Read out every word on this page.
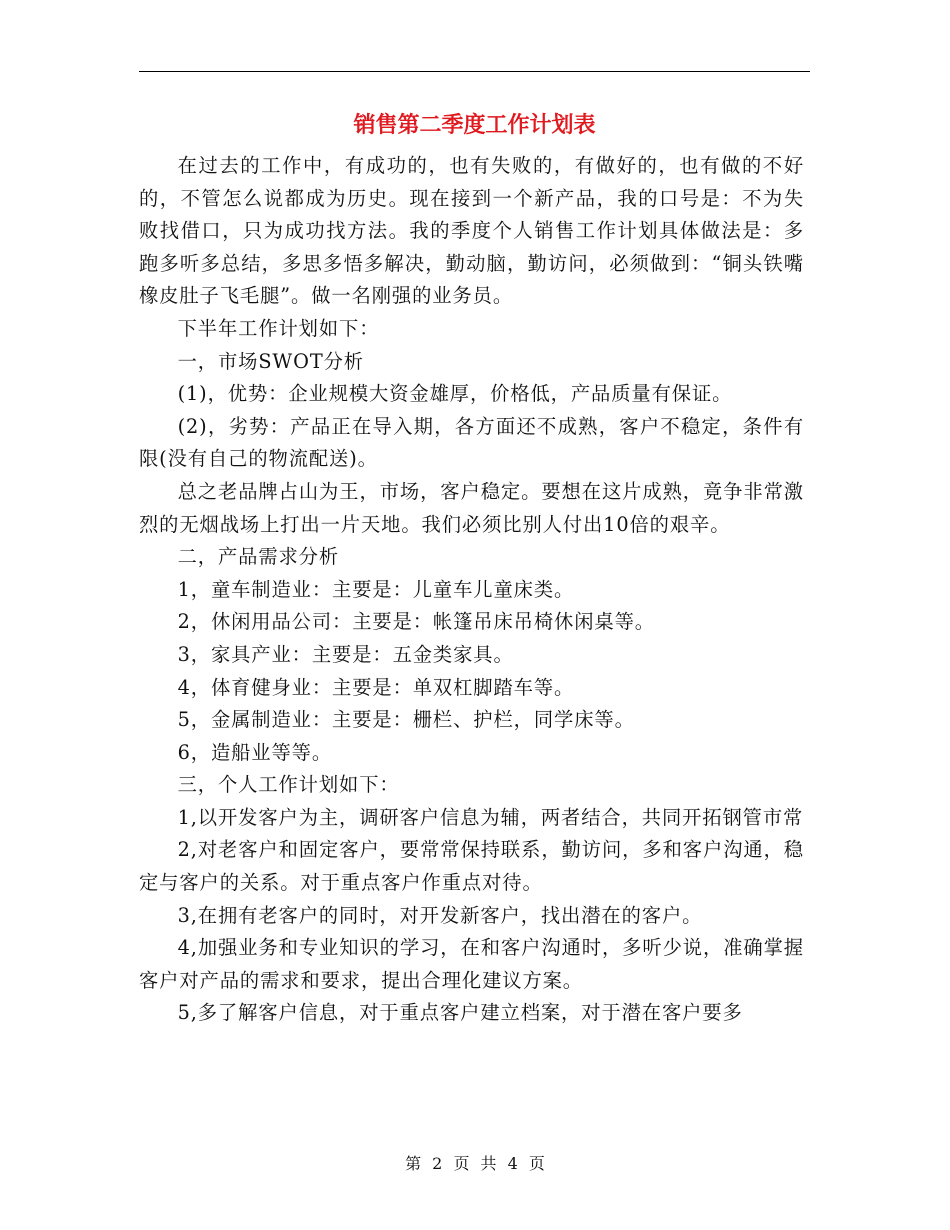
销售第二季度工作计划表

在过去的工作中，有成功的，也有失败的，有做好的，也有做的不好的，不管怎么说都成为历史。现在接到一个新产品，我的口号是：不为失败找借口，只为成功找方法。我的季度个人销售工作计划具体做法是：多跑多听多总结，多思多悟多解决，勤动脑，勤访问，必须做到：“铜头铁嘴橡皮肚子飞毛腿”。做一名刚强的业务员。

下半年工作计划如下：

一，市场SWOT分析

(1)，优势：企业规模大资金雄厚，价格低，产品质量有保证。

(2)，劣势：产品正在导入期，各方面还不成熟，客户不稳定，条件有限(没有自己的物流配送)。

总之老品牌占山为王，市场，客户稳定。要想在这片成熟，竟争非常激烈的无烟战场上打出一片天地。我们必须比别人付出10倍的艰辛。

二，产品需求分析

1，童车制造业：主要是：儿童车儿童床类。

2，休闲用品公司：主要是：帐篷吊床吊椅休闲桌等。

3，家具产业：主要是：五金类家具。

4，体育健身业：主要是：单双杠脚踏车等。

5，金属制造业：主要是：栅栏、护栏，同学床等。

6，造船业等等。

三，个人工作计划如下：

1,以开发客户为主，调研客户信息为辅，两者结合，共同开拓钢管市常

2,对老客户和固定客户，要常常保持联系，勤访问，多和客户沟通，稳定与客户的关系。对于重点客户作重点对待。

3,在拥有老客户的同时，对开发新客户，找出潜在的客户。

4,加强业务和专业知识的学习，在和客户沟通时，多听少说，准确掌握客户对产品的需求和要求，提出合理化建议方案。

5,多了解客户信息，对于重点客户建立档案，对于潜在客户要多

第 2 页 共 4 页
